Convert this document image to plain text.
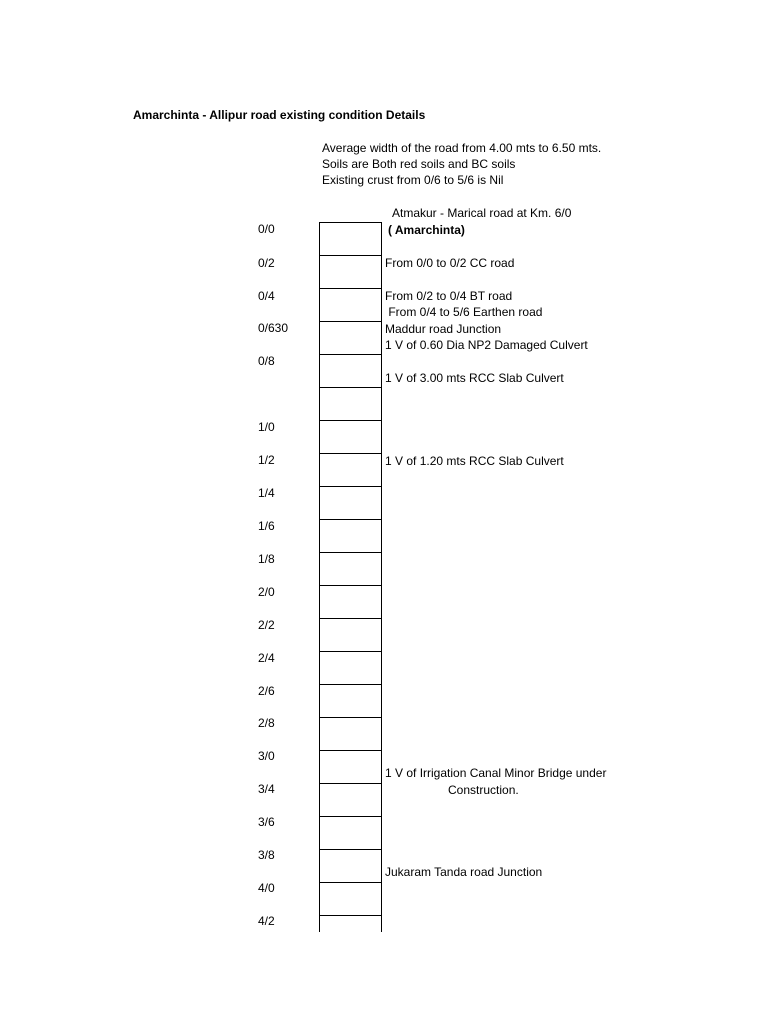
Amarchinta - Allipur road existing condition Details
Average width of the road from 4.00 mts to 6.50 mts.
Soils are Both red soils and BC soils
Existing crust from 0/6 to 5/6 is Nil
Atmakur - Marical road at Km. 6/0
( Amarchinta)
0/0
0/2
0/4
0/630
0/8
1/0
1/2
1/4
1/6
1/8
2/0
2/2
2/4
2/6
2/8
3/0
3/4
3/6
3/8
4/0
4/2
From 0/0 to 0/2 CC road
From 0/2 to 0/4 BT road
From 0/4 to 5/6 Earthen road
Maddur road Junction
1 V of 0.60 Dia NP2 Damaged Culvert
1 V of 3.00 mts RCC Slab Culvert
1 V of 1.20 mts RCC Slab Culvert
1 V of Irrigation Canal Minor Bridge under
Construction.
Jukaram Tanda road Junction
